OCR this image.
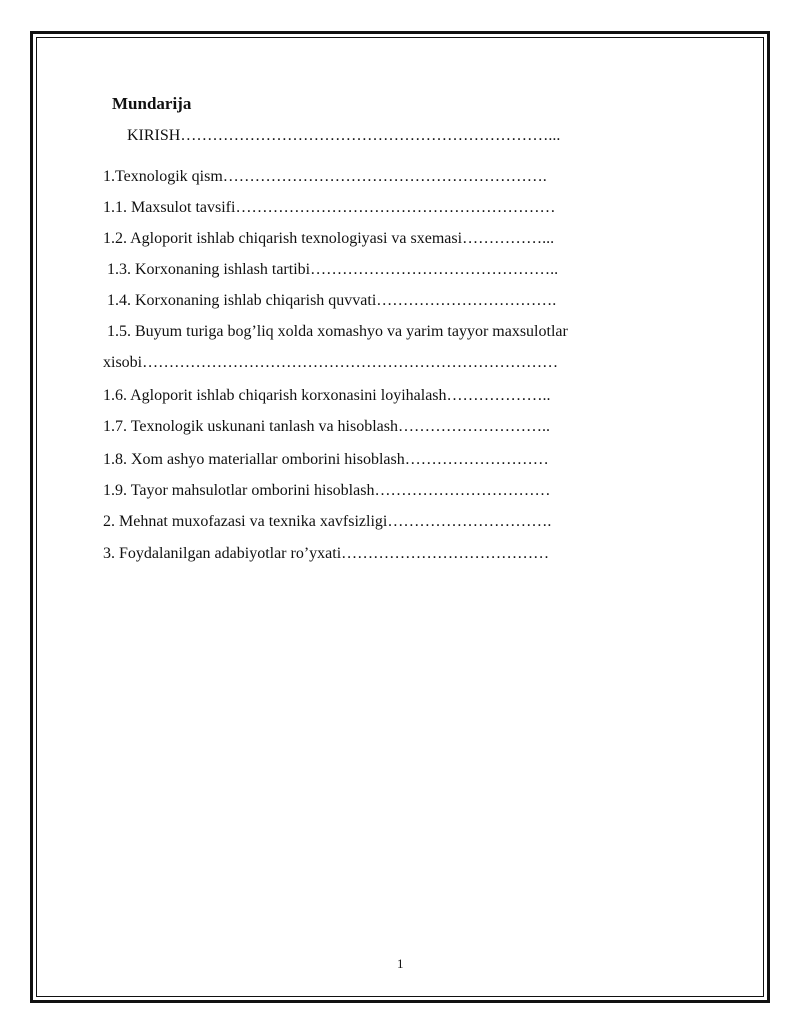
Mundarija
KIRISH……………………………………………………………...
1.Texnologik qism…………………………………………………….
1.1. Maxsulot tavsifi……………………………………………………
1.2. Agloporit ishlab chiqarish texnologiyasi va sxemasi……………...
1.3. Korxonaning ishlash tartibi………………………………………..
1.4. Korxonaning ishlab chiqarish quvvati…………………………….
1.5. Buyum turiga bog’liq xolda xomashyo va yarim tayyor maxsulotlar
xisobi……………………………………………………………………
1.6. Agloporit ishlab chiqarish korxonasini loyihalash………………..
1.7. Texnologik uskunani tanlash va hisoblash………………………..
1.8. Xom ashyo materiallar omborini hisoblash………………………
1.9. Tayor mahsulotlar omborini hisoblash……………………………
2. Mehnat muxofazasi va texnika xavfsizligi………………………….
3. Foydalanilgan adabiyotlar ro’yxati…………………………………
1
